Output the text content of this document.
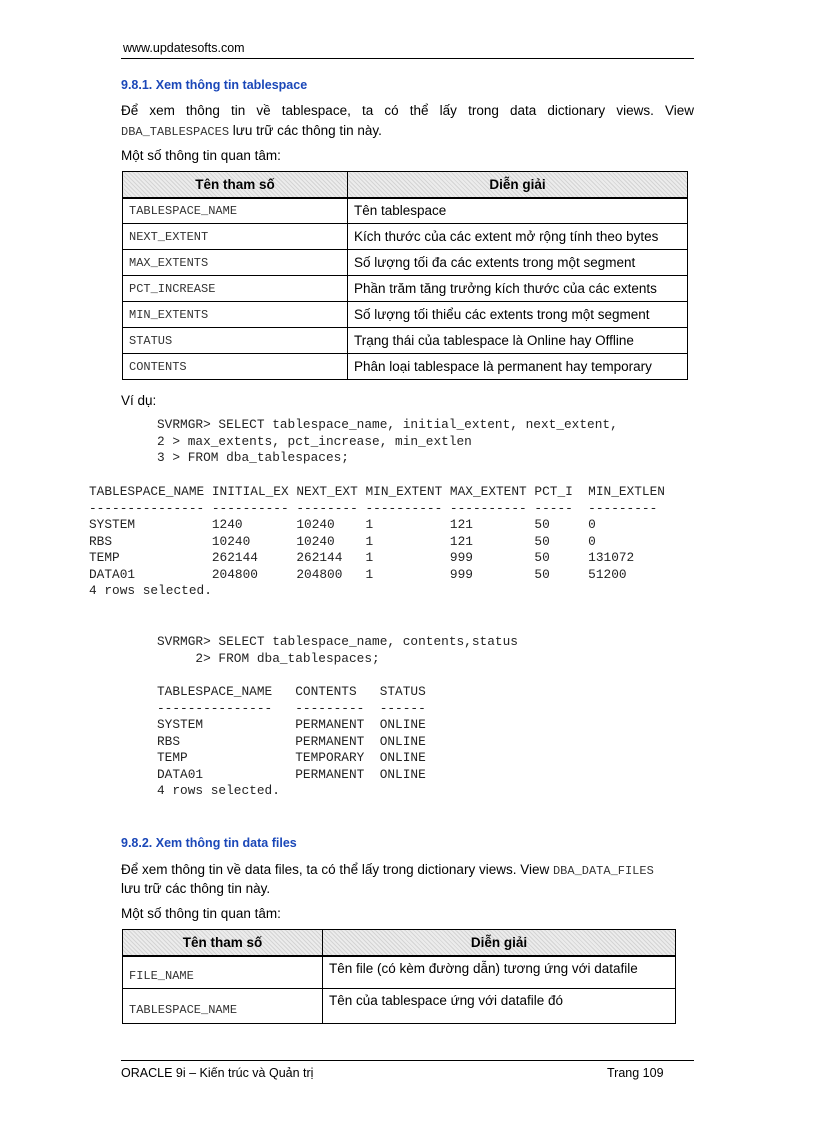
www.updatesofts.com
9.8.1. Xem thông tin tablespace
Để xem thông tin về tablespace, ta có thể lấy trong data dictionary views. View
DBA_TABLESPACES lưu trữ các thông tin này.
Một số thông tin quan tâm:
Tên tham số	Diễn giải
TABLESPACE_NAME	Tên tablespace
NEXT_EXTENT	Kích thước của các extent mở rộng tính theo bytes
MAX_EXTENTS	Số lượng tối đa các extents trong một segment
PCT_INCREASE	Phần trăm tăng trưởng kích thước của các extents
MIN_EXTENTS	Số lượng tối thiểu các extents trong một segment
STATUS	Trạng thái của tablespace là Online hay Offline
CONTENTS	Phân loại tablespace là permanent hay temporary
Ví dụ:
SVRMGR> SELECT tablespace_name, initial_extent, next_extent,
2 > max_extents, pct_increase, min_extlen
3 > FROM dba_tablespaces;
TABLESPACE_NAME INITIAL_EX NEXT_EXT MIN_EXTENT MAX_EXTENT PCT_I  MIN_EXTLEN
--------------- ---------- -------- ---------- ---------- -----  ---------
SYSTEM          1240       10240    1          121        50     0
RBS             10240      10240    1          121        50     0
TEMP            262144     262144   1          999        50     131072
DATA01          204800     204800   1          999        50     51200
4 rows selected.
SVRMGR> SELECT tablespace_name, contents,status
2> FROM dba_tablespaces;
TABLESPACE_NAME   CONTENTS   STATUS
---------------   ---------  ------
SYSTEM            PERMANENT  ONLINE
RBS               PERMANENT  ONLINE
TEMP              TEMPORARY  ONLINE
DATA01            PERMANENT  ONLINE
4 rows selected.
9.8.2. Xem thông tin data files
Để xem thông tin về data files, ta có thể lấy trong dictionary views. View DBA_DATA_FILES
lưu trữ các thông tin này.
Một số thông tin quan tâm:
Tên tham số	Diễn giải
FILE_NAME	Tên file (có kèm đường dẫn) tương ứng với datafile
TABLESPACE_NAME	Tên của tablespace ứng với datafile đó
ORACLE 9i – Kiến trúc và Quản trị	Trang 109
